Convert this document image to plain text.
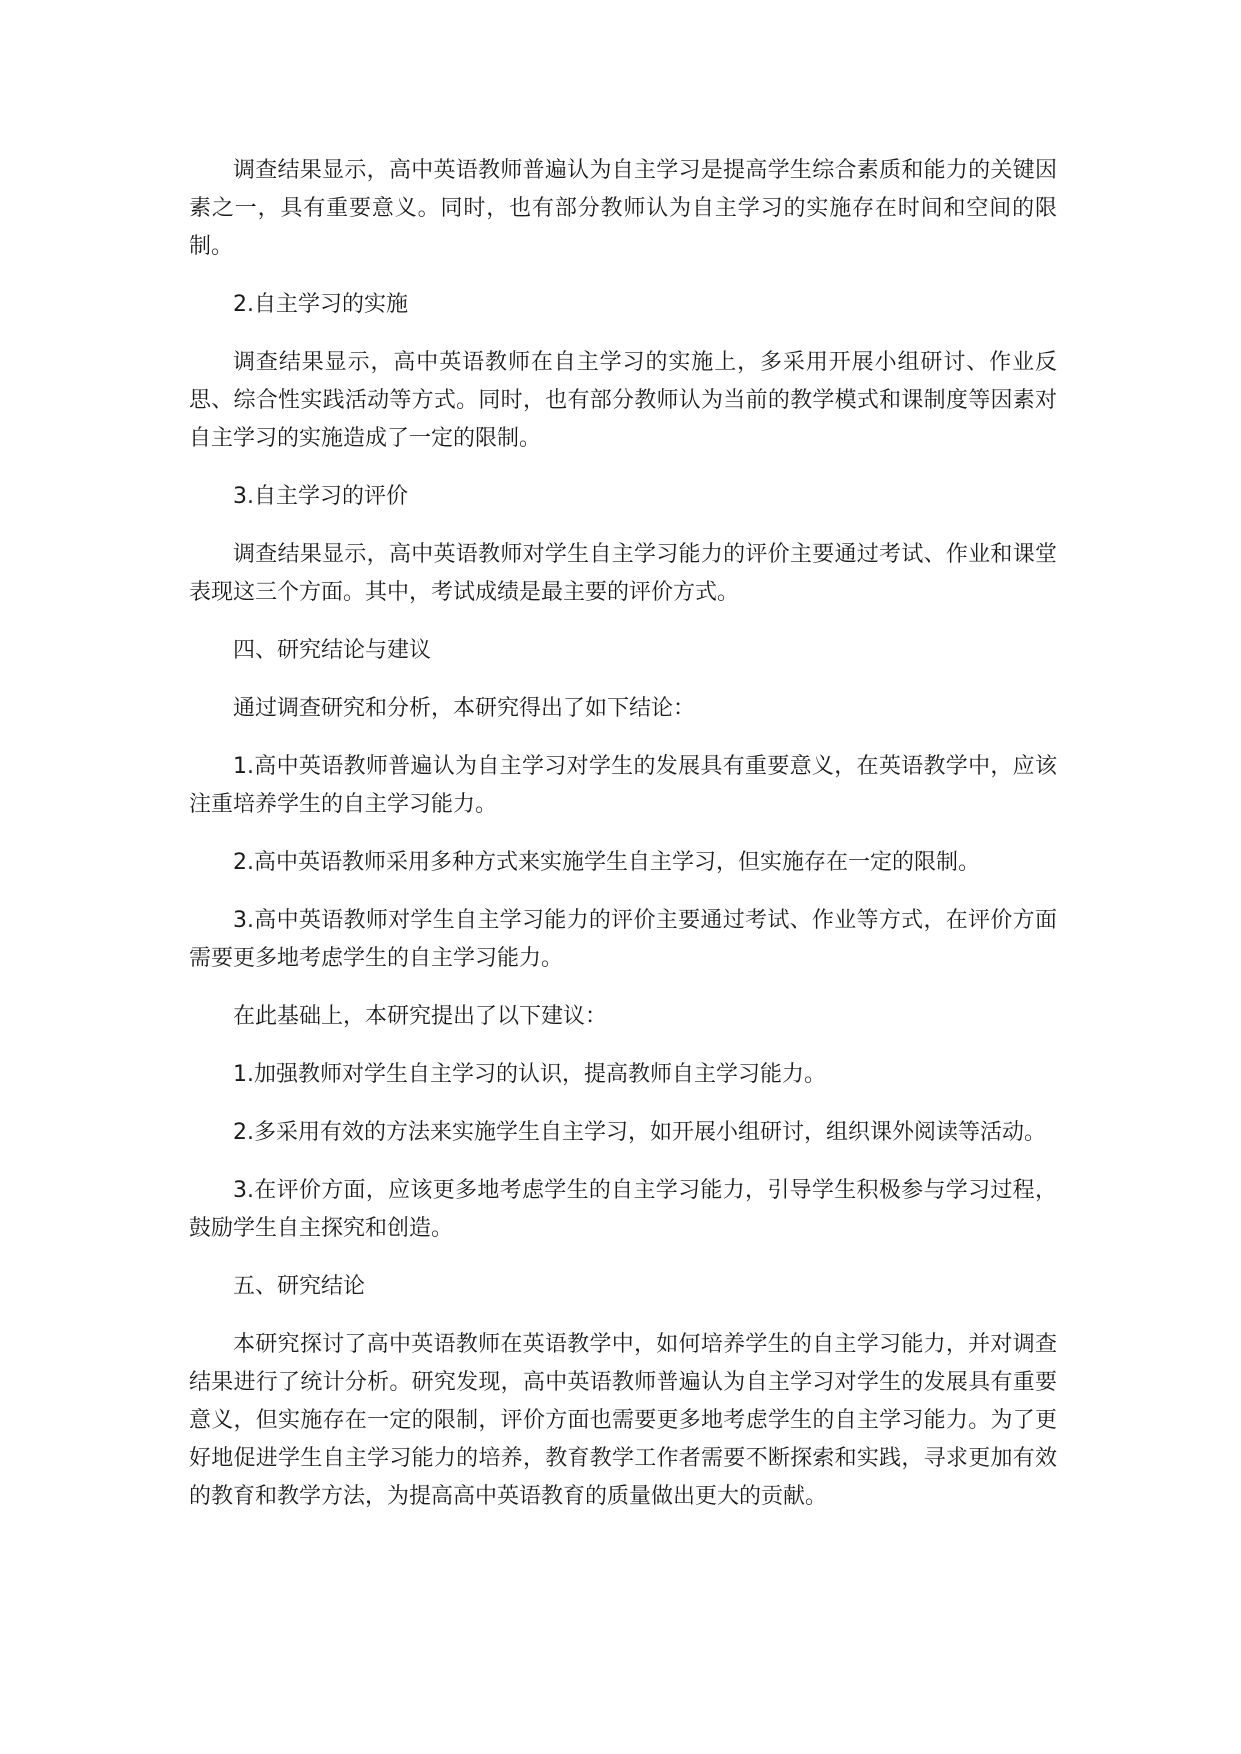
调查结果显示，高中英语教师普遍认为自主学习是提高学生综合素质和能力的关键因素之一，具有重要意义。同时，也有部分教师认为自主学习的实施存在时间和空间的限制。

2.自主学习的实施

调查结果显示，高中英语教师在自主学习的实施上，多采用开展小组研讨、作业反思、综合性实践活动等方式。同时，也有部分教师认为当前的教学模式和课制度等因素对自主学习的实施造成了一定的限制。

3.自主学习的评价

调查结果显示，高中英语教师对学生自主学习能力的评价主要通过考试、作业和课堂表现这三个方面。其中，考试成绩是最主要的评价方式。

四、研究结论与建议

通过调查研究和分析，本研究得出了如下结论：

1.高中英语教师普遍认为自主学习对学生的发展具有重要意义，在英语教学中，应该注重培养学生的自主学习能力。

2.高中英语教师采用多种方式来实施学生自主学习，但实施存在一定的限制。

3.高中英语教师对学生自主学习能力的评价主要通过考试、作业等方式，在评价方面需要更多地考虑学生的自主学习能力。

在此基础上，本研究提出了以下建议：

1.加强教师对学生自主学习的认识，提高教师自主学习能力。

2.多采用有效的方法来实施学生自主学习，如开展小组研讨，组织课外阅读等活动。

3.在评价方面，应该更多地考虑学生的自主学习能力，引导学生积极参与学习过程，鼓励学生自主探究和创造。

五、研究结论

本研究探讨了高中英语教师在英语教学中，如何培养学生的自主学习能力，并对调查结果进行了统计分析。研究发现，高中英语教师普遍认为自主学习对学生的发展具有重要意义，但实施存在一定的限制，评价方面也需要更多地考虑学生的自主学习能力。为了更好地促进学生自主学习能力的培养，教育教学工作者需要不断探索和实践，寻求更加有效的教育和教学方法，为提高高中英语教育的质量做出更大的贡献。
